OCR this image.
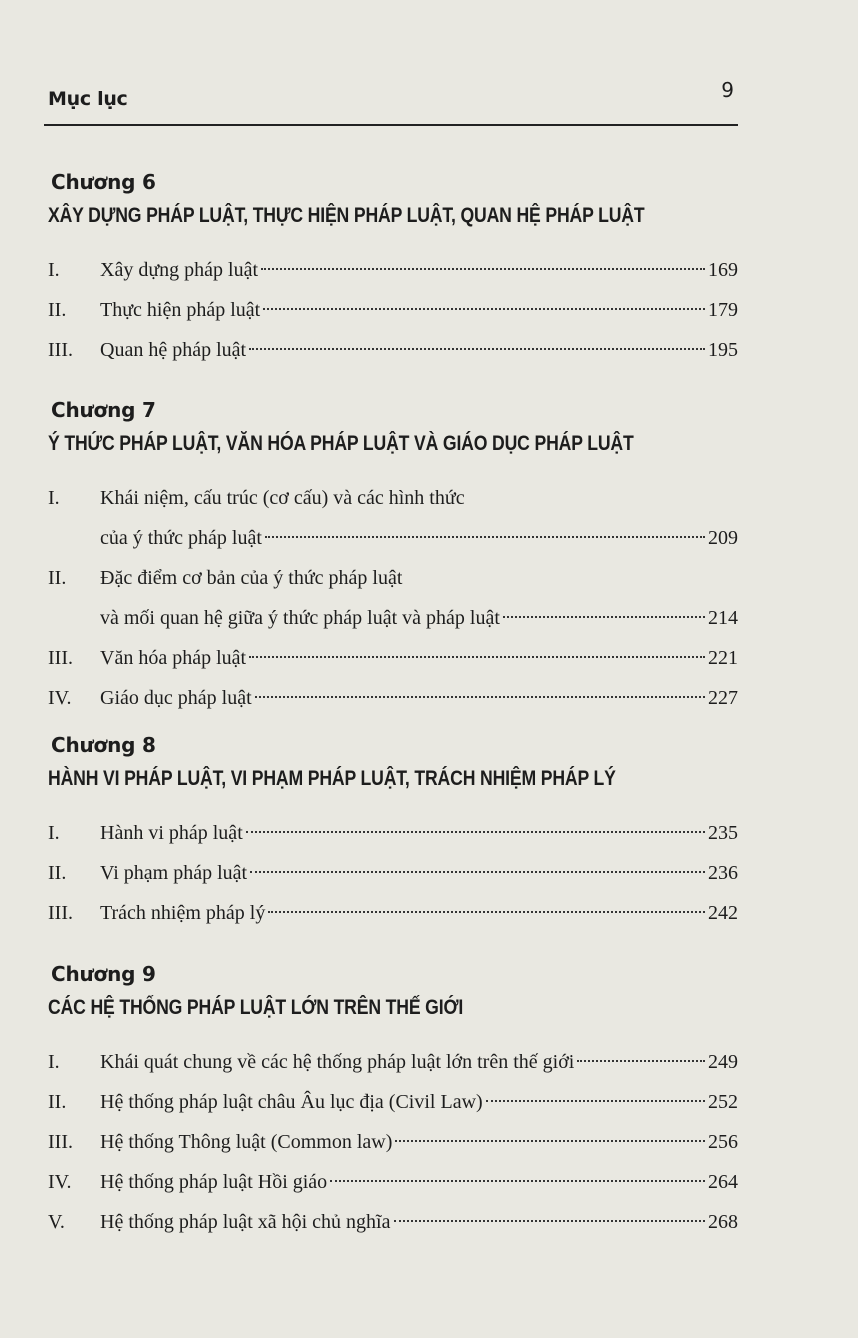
Mục lục	9
Chương 6
XÂY DỰNG PHÁP LUẬT, THỰC HIỆN PHÁP LUẬT, QUAN HỆ PHÁP LUẬT
I.	Xây dựng pháp luật	169
II.	Thực hiện pháp luật	179
III.	Quan hệ pháp luật	195
Chương 7
Ý THỨC PHÁP LUẬT, VĂN HÓA PHÁP LUẬT VÀ GIÁO DỤC PHÁP LUẬT
I.	Khái niệm, cấu trúc (cơ cấu) và các hình thức
của ý thức pháp luật	209
II.	Đặc điểm cơ bản của ý thức pháp luật
và mối quan hệ giữa ý thức pháp luật và pháp luật	214
III.	Văn hóa pháp luật	221
IV.	Giáo dục pháp luật	227
Chương 8
HÀNH VI PHÁP LUẬT, VI PHẠM PHÁP LUẬT, TRÁCH NHIỆM PHÁP LÝ
I.	Hành vi pháp luật	235
II.	Vi phạm pháp luật	236
III.	Trách nhiệm pháp lý	242
Chương 9
CÁC HỆ THỐNG PHÁP LUẬT LỚN TRÊN THẾ GIỚI
I.	Khái quát chung về các hệ thống pháp luật lớn trên thế giới	249
II.	Hệ thống pháp luật châu Âu lục địa (Civil Law)	252
III.	Hệ thống Thông luật (Common law)	256
IV.	Hệ thống pháp luật Hồi giáo	264
V.	Hệ thống pháp luật xã hội chủ nghĩa	268
